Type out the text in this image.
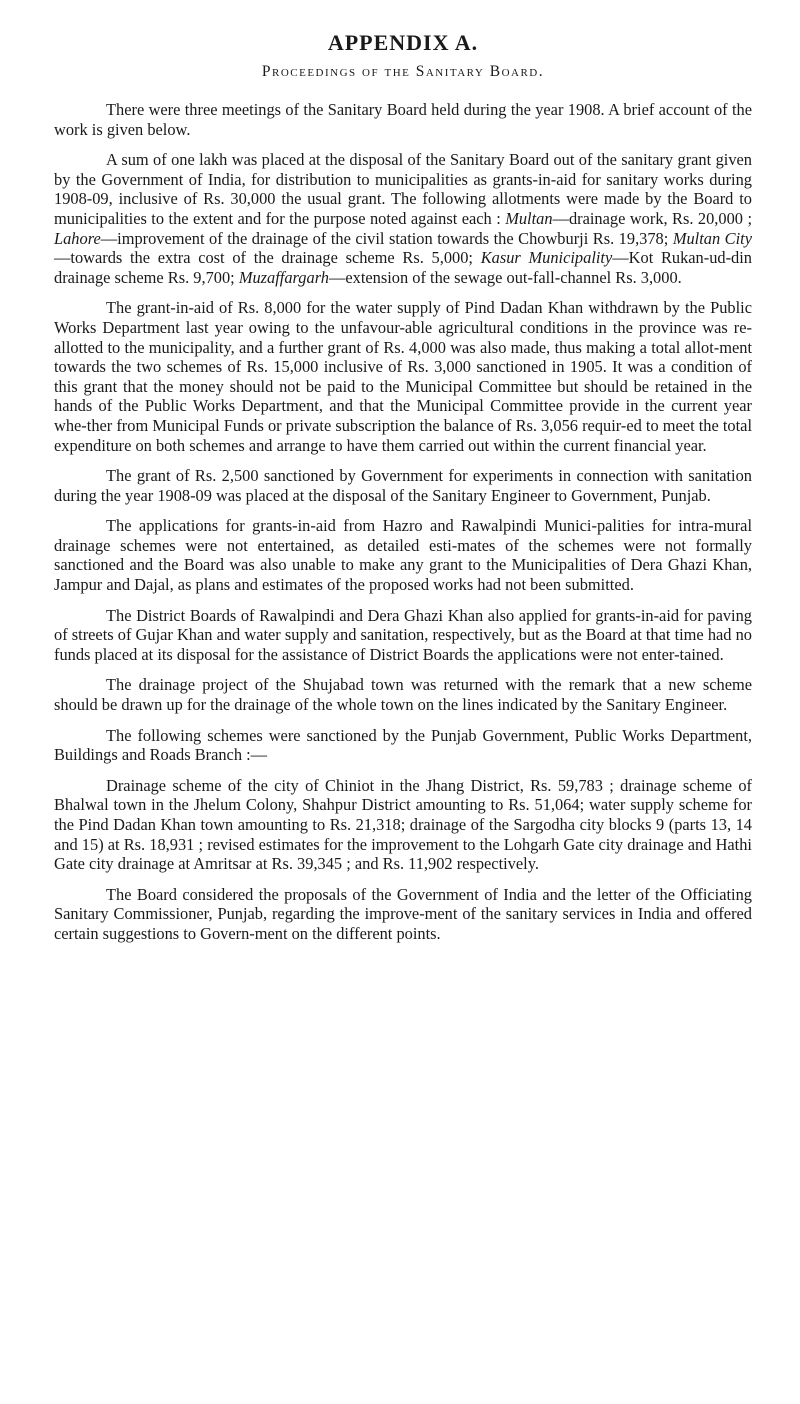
APPENDIX A.
Proceedings of the Sanitary Board.

There were three meetings of the Sanitary Board held during the year 1908. A brief account of the work is given below.

A sum of one lakh was placed at the disposal of the Sanitary Board out of the sanitary grant given by the Government of India, for distribution to municipalities as grants-in-aid for sanitary works during 1908-09, inclusive of Rs. 30,000 the usual grant. The following allotments were made by the Board to municipalities to the extent and for the purpose noted against each : Multan—drainage work, Rs. 20,000 ; Lahore—improvement of the drainage of the civil station towards the Chowburji Rs. 19,378; Multan City—towards the extra cost of the drainage scheme Rs. 5,000; Kasur Municipality—Kot Rukan-ud-din drainage scheme Rs. 9,700; Muzaffargarh—extension of the sewage out-fall-channel Rs. 3,000.

The grant-in-aid of Rs. 8,000 for the water supply of Pind Dadan Khan withdrawn by the Public Works Department last year owing to the unfavour-able agricultural conditions in the province was re-allotted to the municipality, and a further grant of Rs. 4,000 was also made, thus making a total allot-ment towards the two schemes of Rs. 15,000 inclusive of Rs. 3,000 sanctioned in 1905. It was a condition of this grant that the money should not be paid to the Municipal Committee but should be retained in the hands of the Public Works Department, and that the Municipal Committee provide in the current year whe-ther from Municipal Funds or private subscription the balance of Rs. 3,056 requir-ed to meet the total expenditure on both schemes and arrange to have them carried out within the current financial year.

The grant of Rs. 2,500 sanctioned by Government for experiments in connection with sanitation during the year 1908-09 was placed at the disposal of the Sanitary Engineer to Government, Punjab.

The applications for grants-in-aid from Hazro and Rawalpindi Munici-palities for intra-mural drainage schemes were not entertained, as detailed esti-mates of the schemes were not formally sanctioned and the Board was also unable to make any grant to the Municipalities of Dera Ghazi Khan, Jampur and Dajal, as plans and estimates of the proposed works had not been submitted.

The District Boards of Rawalpindi and Dera Ghazi Khan also applied for grants-in-aid for paving of streets of Gujar Khan and water supply and sanitation, respectively, but as the Board at that time had no funds placed at its disposal for the assistance of District Boards the applications were not enter-tained.

The drainage project of the Shujabad town was returned with the remark that a new scheme should be drawn up for the drainage of the whole town on the lines indicated by the Sanitary Engineer.

The following schemes were sanctioned by the Punjab Government, Public Works Department, Buildings and Roads Branch :—

Drainage scheme of the city of Chiniot in the Jhang District, Rs. 59,783 ; drainage scheme of Bhalwal town in the Jhelum Colony, Shahpur District amounting to Rs. 51,064; water supply scheme for the Pind Dadan Khan town amounting to Rs. 21,318; drainage of the Sargodha city blocks 9 (parts 13, 14 and 15) at Rs. 18,931 ; revised estimates for the improvement to the Lohgarh Gate city drainage and Hathi Gate city drainage at Amritsar at Rs. 39,345 ; and Rs. 11,902 respectively.

The Board considered the proposals of the Government of India and the letter of the Officiating Sanitary Commissioner, Punjab, regarding the improve-ment of the sanitary services in India and offered certain suggestions to Govern-ment on the different points.
